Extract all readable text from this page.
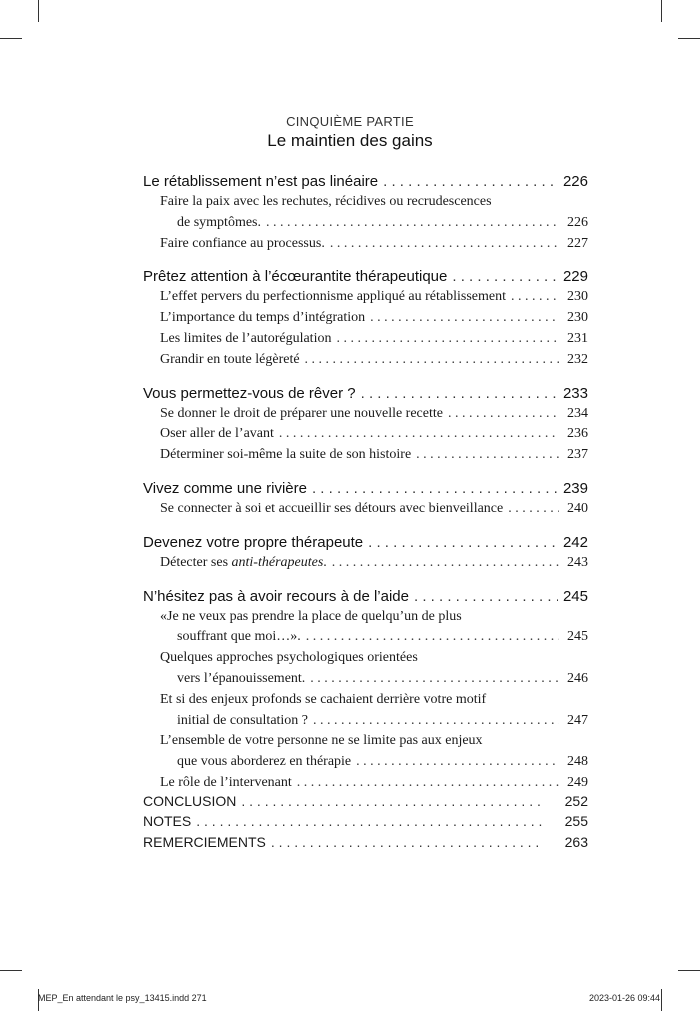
CINQUIÈME PARTIE
Le maintien des gains
Le rétablissement n’est pas linéaire . . .	226
Faire la paix avec les rechutes, récidives ou recrudescences
de symptômes. . . .	226
Faire confiance au processus. . . .	227
Prêtez attention à l’écœurantite thérapeutique . . .	229
L’effet pervers du perfectionnisme appliqué au rétablissement . . .	230
L’importance du temps d’intégration . . .	230
Les limites de l’autorégulation . . .	231
Grandir en toute légèreté . . .	232
Vous permettez-vous de rêver ? . . .	233
Se donner le droit de préparer une nouvelle recette . . .	234
Oser aller de l’avant . . .	236
Déterminer soi-même la suite de son histoire . . .	237
Vivez comme une rivière . . .	239
Se connecter à soi et accueillir ses détours avec bienveillance . . .	240
Devenez votre propre thérapeute . . .	242
Détecter ses anti-thérapeutes. . . .	243
N’hésitez pas à avoir recours à de l’aide . . .	245
«Je ne veux pas prendre la place de quelqu’un de plus
souffrant que moi…». . . .	245
Quelques approches psychologiques orientées
vers l’épanouissement. . . .	246
Et si des enjeux profonds se cachaient derrière votre motif
initial de consultation ? . . .	247
L’ensemble de votre personne ne se limite pas aux enjeux
que vous aborderez en thérapie . . .	248
Le rôle de l’intervenant . . .	249
CONCLUSION . . .	252
NOTES . . .	255
REMERCIEMENTS . . .	263
MEP_En attendant le psy_13415.indd 271	2023-01-26 09:44
